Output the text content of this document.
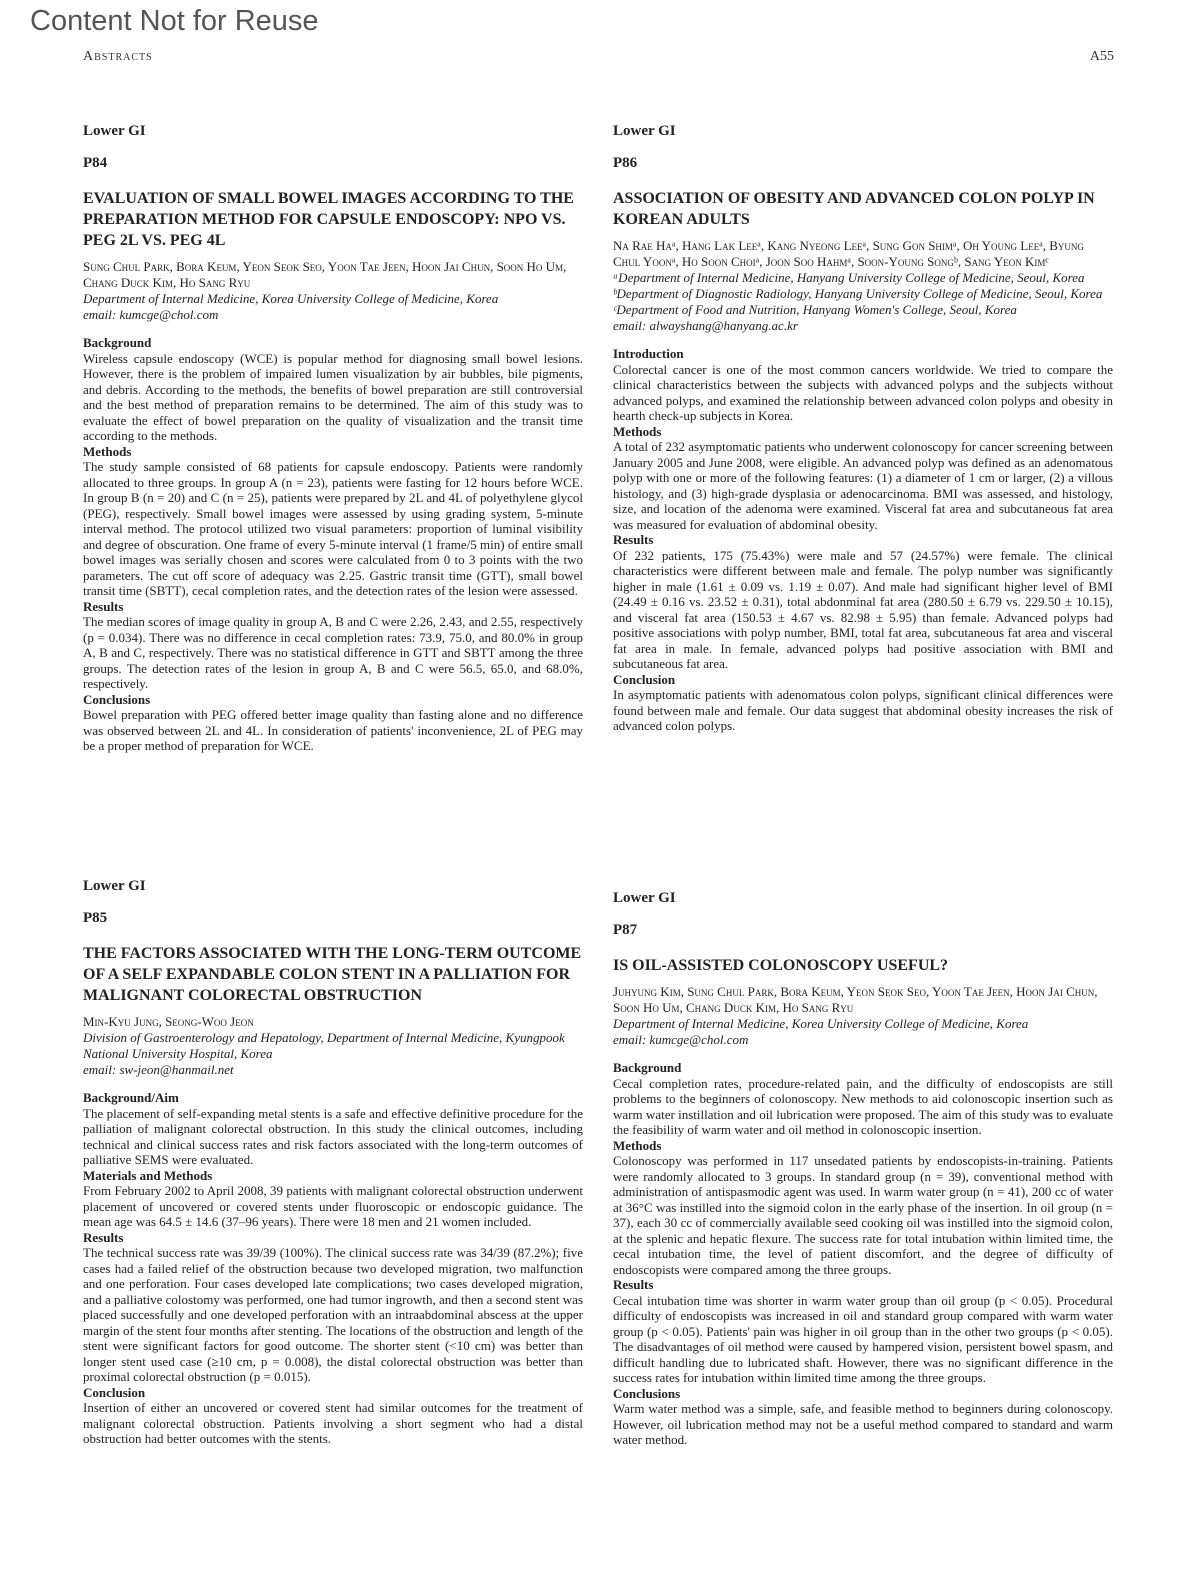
Content Not for Reuse
Abstracts	A55
Lower GI
P84
EVALUATION OF SMALL BOWEL IMAGES ACCORDING TO THE PREPARATION METHOD FOR CAPSULE ENDOSCOPY: NPO VS. PEG 2L VS. PEG 4L
Sung Chul Park, Bora Keum, Yeon Seok Seo, Yoon Tae Jeen, Hoon Jai Chun, Soon Ho Um, Chang Duck Kim, Ho Sang Ryu
Department of Internal Medicine, Korea University College of Medicine, Korea
email: kumcge@chol.com
Background
Wireless capsule endoscopy (WCE) is popular method for diagnosing small bowel lesions. However, there is the problem of impaired lumen visualization by air bubbles, bile pigments, and debris. According to the methods, the benefits of bowel preparation are still controversial and the best method of preparation remains to be determined. The aim of this study was to evaluate the effect of bowel preparation on the quality of visualization and the transit time according to the methods.
Methods
The study sample consisted of 68 patients for capsule endoscopy. Patients were randomly allocated to three groups. In group A (n = 23), patients were fasting for 12 hours before WCE. In group B (n = 20) and C (n = 25), patients were prepared by 2L and 4L of polyethylene glycol (PEG), respectively. Small bowel images were assessed by using grading system, 5-minute interval method. The protocol utilized two visual parameters: proportion of luminal visibility and degree of obscuration. One frame of every 5-minute interval (1 frame/5 min) of entire small bowel images was serially chosen and scores were calculated from 0 to 3 points with the two parameters. The cut off score of adequacy was 2.25. Gastric transit time (GTT), small bowel transit time (SBTT), cecal completion rates, and the detection rates of the lesion were assessed.
Results
The median scores of image quality in group A, B and C were 2.26, 2.43, and 2.55, respectively (p = 0.034). There was no difference in cecal completion rates: 73.9, 75.0, and 80.0% in group A, B and C, respectively. There was no statistical difference in GTT and SBTT among the three groups. The detection rates of the lesion in group A, B and C were 56.5, 65.0, and 68.0%, respectively.
Conclusions
Bowel preparation with PEG offered better image quality than fasting alone and no difference was observed between 2L and 4L. In consideration of patients' inconvenience, 2L of PEG may be a proper method of preparation for WCE.
Lower GI
P85
THE FACTORS ASSOCIATED WITH THE LONG-TERM OUTCOME OF A SELF EXPANDABLE COLON STENT IN A PALLIATION FOR MALIGNANT COLORECTAL OBSTRUCTION
Min-Kyu Jung, Seong-Woo Jeon
Division of Gastroenterology and Hepatology, Department of Internal Medicine, Kyungpook National University Hospital, Korea
email: sw-jeon@hanmail.net
Background/Aim
The placement of self-expanding metal stents is a safe and effective definitive procedure for the palliation of malignant colorectal obstruction. In this study the clinical outcomes, including technical and clinical success rates and risk factors associated with the long-term outcomes of palliative SEMS were evaluated.
Materials and Methods
From February 2002 to April 2008, 39 patients with malignant colorectal obstruction underwent placement of uncovered or covered stents under fluoroscopic or endoscopic guidance. The mean age was 64.5 ± 14.6 (37–96 years). There were 18 men and 21 women included.
Results
The technical success rate was 39/39 (100%). The clinical success rate was 34/39 (87.2%); five cases had a failed relief of the obstruction because two developed migration, two malfunction and one perforation. Four cases developed late complications; two cases developed migration, and a palliative colostomy was performed, one had tumor ingrowth, and then a second stent was placed successfully and one developed perforation with an intraabdominal abscess at the upper margin of the stent four months after stenting. The locations of the obstruction and length of the stent were significant factors for good outcome. The shorter stent (<10 cm) was better than longer stent used case (≥10 cm, p = 0.008), the distal colorectal obstruction was better than proximal colorectal obstruction (p = 0.015).
Conclusion
Insertion of either an uncovered or covered stent had similar outcomes for the treatment of malignant colorectal obstruction. Patients involving a short segment who had a distal obstruction had better outcomes with the stents.
Lower GI
P86
ASSOCIATION OF OBESITY AND ADVANCED COLON POLYP IN KOREAN ADULTS
Na Rae Haᵃ, Hang Lak Leeᵃ, Kang Nyeong Leeᵃ, Sung Gon Shimᵃ, Oh Young Leeᵃ, Byung Chul Yoonᵃ, Ho Soon Choiᵃ, Joon Soo Hahmᵃ, Soon-Young Songᵇ, Sang Yeon Kimᶜ
ᵃDepartment of Internal Medicine, Hanyang University College of Medicine, Seoul, Korea
ᵇDepartment of Diagnostic Radiology, Hanyang University College of Medicine, Seoul, Korea
ᶜDepartment of Food and Nutrition, Hanyang Women's College, Seoul, Korea
email: alwayshang@hanyang.ac.kr
Introduction
Colorectal cancer is one of the most common cancers worldwide. We tried to compare the clinical characteristics between the subjects with advanced polyps and the subjects without advanced polyps, and examined the relationship between advanced colon polyps and obesity in hearth check-up subjects in Korea.
Methods
A total of 232 asymptomatic patients who underwent colonoscopy for cancer screening between January 2005 and June 2008, were eligible. An advanced polyp was defined as an adenomatous polyp with one or more of the following features: (1) a diameter of 1 cm or larger, (2) a villous histology, and (3) high-grade dysplasia or adenocarcinoma. BMI was assessed, and histology, size, and location of the adenoma were examined. Visceral fat area and subcutaneous fat area was measured for evaluation of abdominal obesity.
Results
Of 232 patients, 175 (75.43%) were male and 57 (24.57%) were female. The clinical characteristics were different between male and female. The polyp number was significantly higher in male (1.61 ± 0.09 vs. 1.19 ± 0.07). And male had significant higher level of BMI (24.49 ± 0.16 vs. 23.52 ± 0.31), total abdonminal fat area (280.50 ± 6.79 vs. 229.50 ± 10.15), and visceral fat area (150.53 ± 4.67 vs. 82.98 ± 5.95) than female. Advanced polyps had positive associations with polyp number, BMI, total fat area, subcutaneous fat area and visceral fat area in male. In female, advanced polyps had positive association with BMI and subcutaneous fat area.
Conclusion
In asymptomatic patients with adenomatous colon polyps, significant clinical differences were found between male and female. Our data suggest that abdominal obesity increases the risk of advanced colon polyps.
Lower GI
P87
IS OIL-ASSISTED COLONOSCOPY USEFUL?
Juhyung Kim, Sung Chul Park, Bora Keum, Yeon Seok Seo, Yoon Tae Jeen, Hoon Jai Chun, Soon Ho Um, Chang Duck Kim, Ho Sang Ryu
Department of Internal Medicine, Korea University College of Medicine, Korea
email: kumcge@chol.com
Background
Cecal completion rates, procedure-related pain, and the difficulty of endoscopists are still problems to the beginners of colonoscopy. New methods to aid colonoscopic insertion such as warm water instillation and oil lubrication were proposed. The aim of this study was to evaluate the feasibility of warm water and oil method in colonoscopic insertion.
Methods
Colonoscopy was performed in 117 unsedated patients by endoscopists-in-training. Patients were randomly allocated to 3 groups. In standard group (n = 39), conventional method with administration of antispasmodic agent was used. In warm water group (n = 41), 200 cc of water at 36°C was instilled into the sigmoid colon in the early phase of the insertion. In oil group (n = 37), each 30 cc of commercially available seed cooking oil was instilled into the sigmoid colon, at the splenic and hepatic flexure. The success rate for total intubation within limited time, the cecal intubation time, the level of patient discomfort, and the degree of difficulty of endoscopists were compared among the three groups.
Results
Cecal intubation time was shorter in warm water group than oil group (p < 0.05). Procedural difficulty of endoscopists was increased in oil and standard group compared with warm water group (p < 0.05). Patients' pain was higher in oil group than in the other two groups (p < 0.05). The disadvantages of oil method were caused by hampered vision, persistent bowel spasm, and difficult handling due to lubricated shaft. However, there was no significant difference in the success rates for intubation within limited time among the three groups.
Conclusions
Warm water method was a simple, safe, and feasible method to beginners during colonoscopy. However, oil lubrication method may not be a useful method compared to standard and warm water method.
